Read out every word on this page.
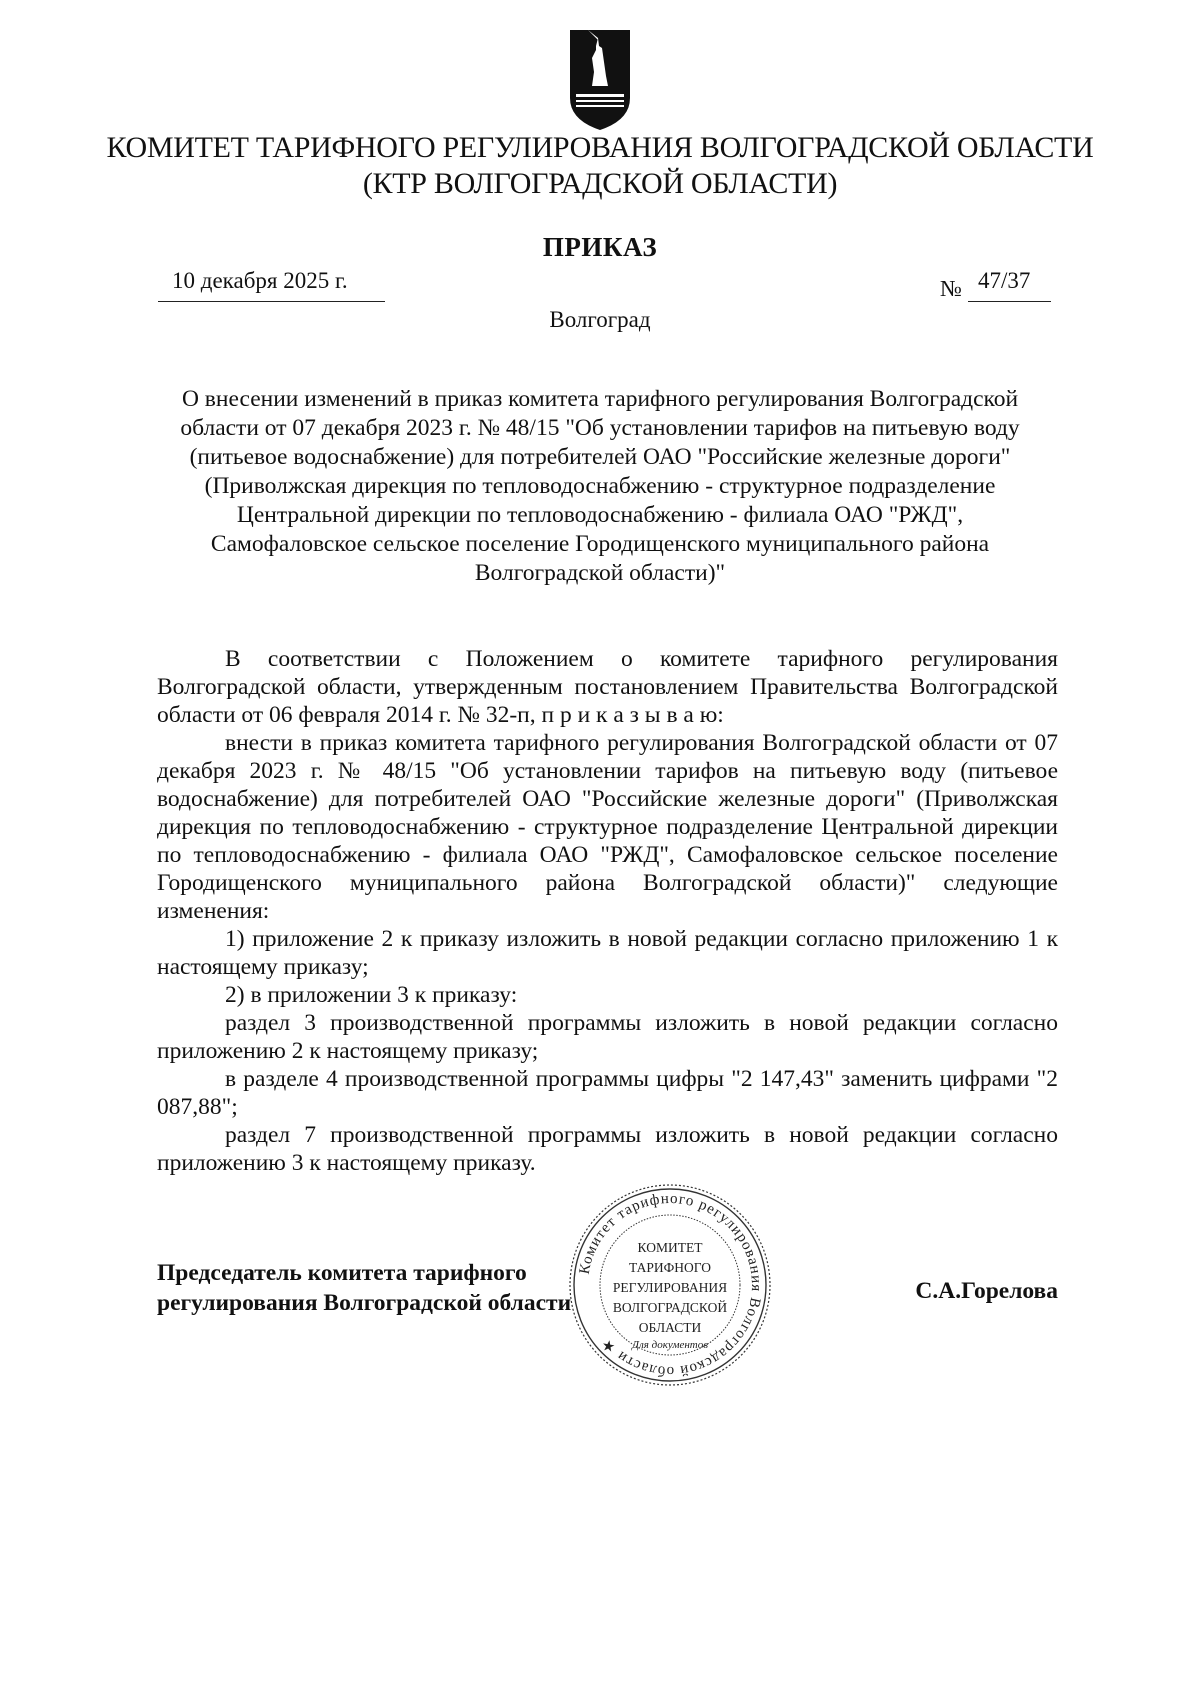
КОМИТЕТ ТАРИФНОГО РЕГУЛИРОВАНИЯ ВОЛГОГРАДСКОЙ ОБЛАСТИ
(КТР ВОЛГОГРАДСКОЙ ОБЛАСТИ)
ПРИКАЗ
10 декабря 2025 г.	№ 47/37
Волгоград
О внесении изменений в приказ комитета тарифного регулирования Волгоградской
области от 07 декабря 2023 г. № 48/15 "Об установлении тарифов на питьевую воду
(питьевое водоснабжение) для потребителей ОАО "Российские железные дороги"
(Приволжская дирекция по тепловодоснабжению - структурное подразделение
Центральной дирекции по тепловодоснабжению - филиала ОАО "РЖД",
Самофаловское сельское поселение Городищенского муниципального района
Волгоградской области)"

В соответствии с Положением о комитете тарифного регулирования Волгоградской области, утвержденным постановлением Правительства Волгоградской области от 06 февраля 2014 г. № 32-п, п р и к а з ы в а ю:

внести в приказ комитета тарифного регулирования Волгоградской области от 07 декабря 2023 г. № 48/15 "Об установлении тарифов на питьевую воду (питьевое водоснабжение) для потребителей ОАО "Российские железные дороги" (Приволжская дирекция по тепловодоснабжению - структурное подразделение Центральной дирекции по тепловодоснабжению - филиала ОАО "РЖД", Самофаловское сельское поселение Городищенского муниципального района Волгоградской области)" следующие изменения:

1) приложение 2 к приказу изложить в новой редакции согласно приложению 1 к настоящему приказу;

2) в приложении 3 к приказу:

раздел 3 производственной программы изложить в новой редакции согласно приложению 2 к настоящему приказу;

в разделе 4 производственной программы цифры "2 147,43" заменить цифрами "2 087,88";

раздел 7 производственной программы изложить в новой редакции согласно приложению 3 к настоящему приказу.

Председатель комитета тарифного
регулирования Волгоградской области	С.А.Горелова
Комитет тарифного регулирования Волгоградской области ★
КОМИТЕТ
ТАРИФНОГО
РЕГУЛИРОВАНИЯ
ВОЛГОГРАДСКОЙ
ОБЛАСТИ
Для документов
